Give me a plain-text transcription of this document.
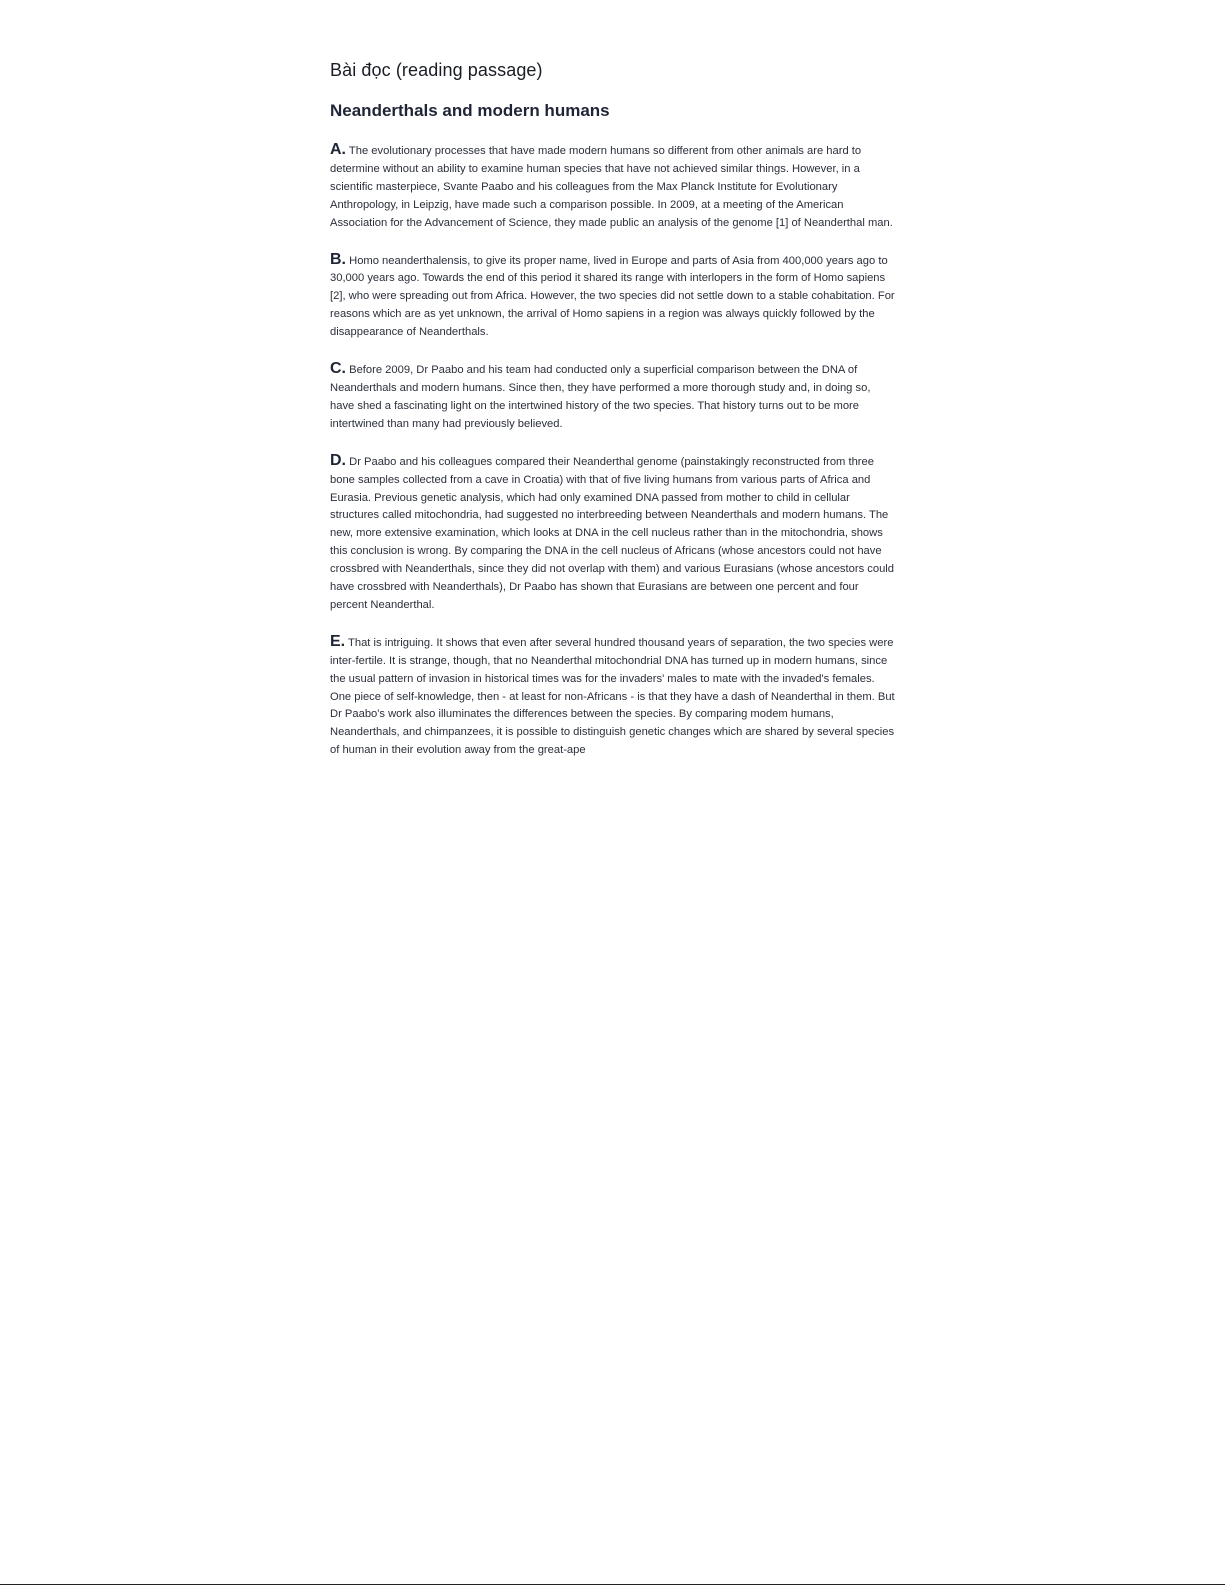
Bài đọc (reading passage)
Neanderthals and modern humans

A. The evolutionary processes that have made modern humans so different from other animals are hard to determine without an ability to examine human species that have not achieved similar things. However, in a scientific masterpiece, Svante Paabo and his colleagues from the Max Planck Institute for Evolutionary Anthropology, in Leipzig, have made such a comparison possible. In 2009, at a meeting of the American Association for the Advancement of Science, they made public an analysis of the genome [1] of Neanderthal man.

B. Homo neanderthalensis, to give its proper name, lived in Europe and parts of Asia from 400,000 years ago to 30,000 years ago. Towards the end of this period it shared its range with interlopers in the form of Homo sapiens [2], who were spreading out from Africa. However, the two species did not settle down to a stable cohabitation. For reasons which are as yet unknown, the arrival of Homo sapiens in a region was always quickly followed by the disappearance of Neanderthals.

C. Before 2009, Dr Paabo and his team had conducted only a superficial comparison between the DNA of Neanderthals and modern humans. Since then, they have performed a more thorough study and, in doing so, have shed a fascinating light on the intertwined history of the two species. That history turns out to be more intertwined than many had previously believed.

D. Dr Paabo and his colleagues compared their Neanderthal genome (painstakingly reconstructed from three bone samples collected from a cave in Croatia) with that of five living humans from various parts of Africa and Eurasia. Previous genetic analysis, which had only examined DNA passed from mother to child in cellular structures called mitochondria, had suggested no interbreeding between Neanderthals and modern humans. The new, more extensive examination, which looks at DNA in the cell nucleus rather than in the mitochondria, shows this conclusion is wrong. By comparing the DNA in the cell nucleus of Africans (whose ancestors could not have crossbred with Neanderthals, since they did not overlap with them) and various Eurasians (whose ancestors could have crossbred with Neanderthals), Dr Paabo has shown that Eurasians are between one percent and four percent Neanderthal.

E. That is intriguing. It shows that even after several hundred thousand years of separation, the two species were inter-fertile. It is strange, though, that no Neanderthal mitochondrial DNA has turned up in modern humans, since the usual pattern of invasion in historical times was for the invaders' males to mate with the invaded's females. One piece of self-knowledge, then - at least for non-Africans - is that they have a dash of Neanderthal in them. But Dr Paabo's work also illuminates the differences between the species. By comparing modem humans, Neanderthals, and chimpanzees, it is possible to distinguish genetic changes which are shared by several species of human in their evolution away from the great-ape
